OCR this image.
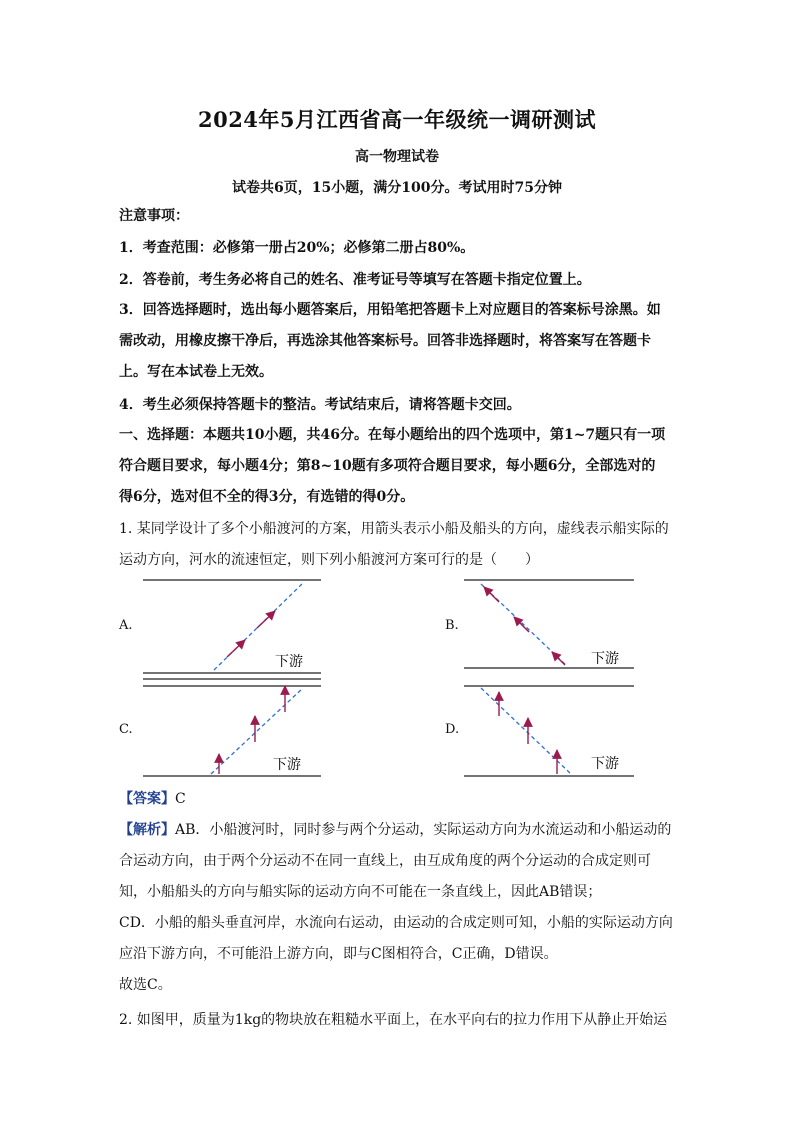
2024年5月江西省高一年级统一调研测试
高一物理试卷
试卷共6页，15小题，满分100分。考试用时75分钟
注意事项：
1．考查范围：必修第一册占20%；必修第二册占80%。
2．答卷前，考生务必将自己的姓名、准考证号等填写在答题卡指定位置上。
3．回答选择题时，选出每小题答案后，用铅笔把答题卡上对应题目的答案标号涂黑。如
需改动，用橡皮擦干净后，再选涂其他答案标号。回答非选择题时，将答案写在答题卡
上。写在本试卷上无效。
4．考生必须保持答题卡的整洁。考试结束后，请将答题卡交回。
一、选择题：本题共10小题，共46分。在每小题给出的四个选项中，第1~7题只有一项
符合题目要求，每小题4分；第8~10题有多项符合题目要求，每小题6分，全部选对的
得6分，选对但不全的得3分，有选错的得0分。
1. 某同学设计了多个小船渡河的方案，用箭头表示小船及船头的方向，虚线表示船实际的
运动方向，河水的流速恒定，则下列小船渡河方案可行的是（　　）
下游	下游
下游	下游
A.	B.
C.	D.
【答案】C
【解析】AB．小船渡河时，同时参与两个分运动，实际运动方向为水流运动和小船运动的
合运动方向，由于两个分运动不在同一直线上，由互成角度的两个分运动的合成定则可
知，小船船头的方向与船实际的运动方向不可能在一条直线上，因此AB错误；
CD．小船的船头垂直河岸，水流向右运动，由运动的合成定则可知，小船的实际运动方向
应沿下游方向，不可能沿上游方向，即与C图相符合，C正确，D错误。
故选C。
2. 如图甲，质量为1kg的物块放在粗糙水平面上，在水平向右的拉力作用下从静止开始运
